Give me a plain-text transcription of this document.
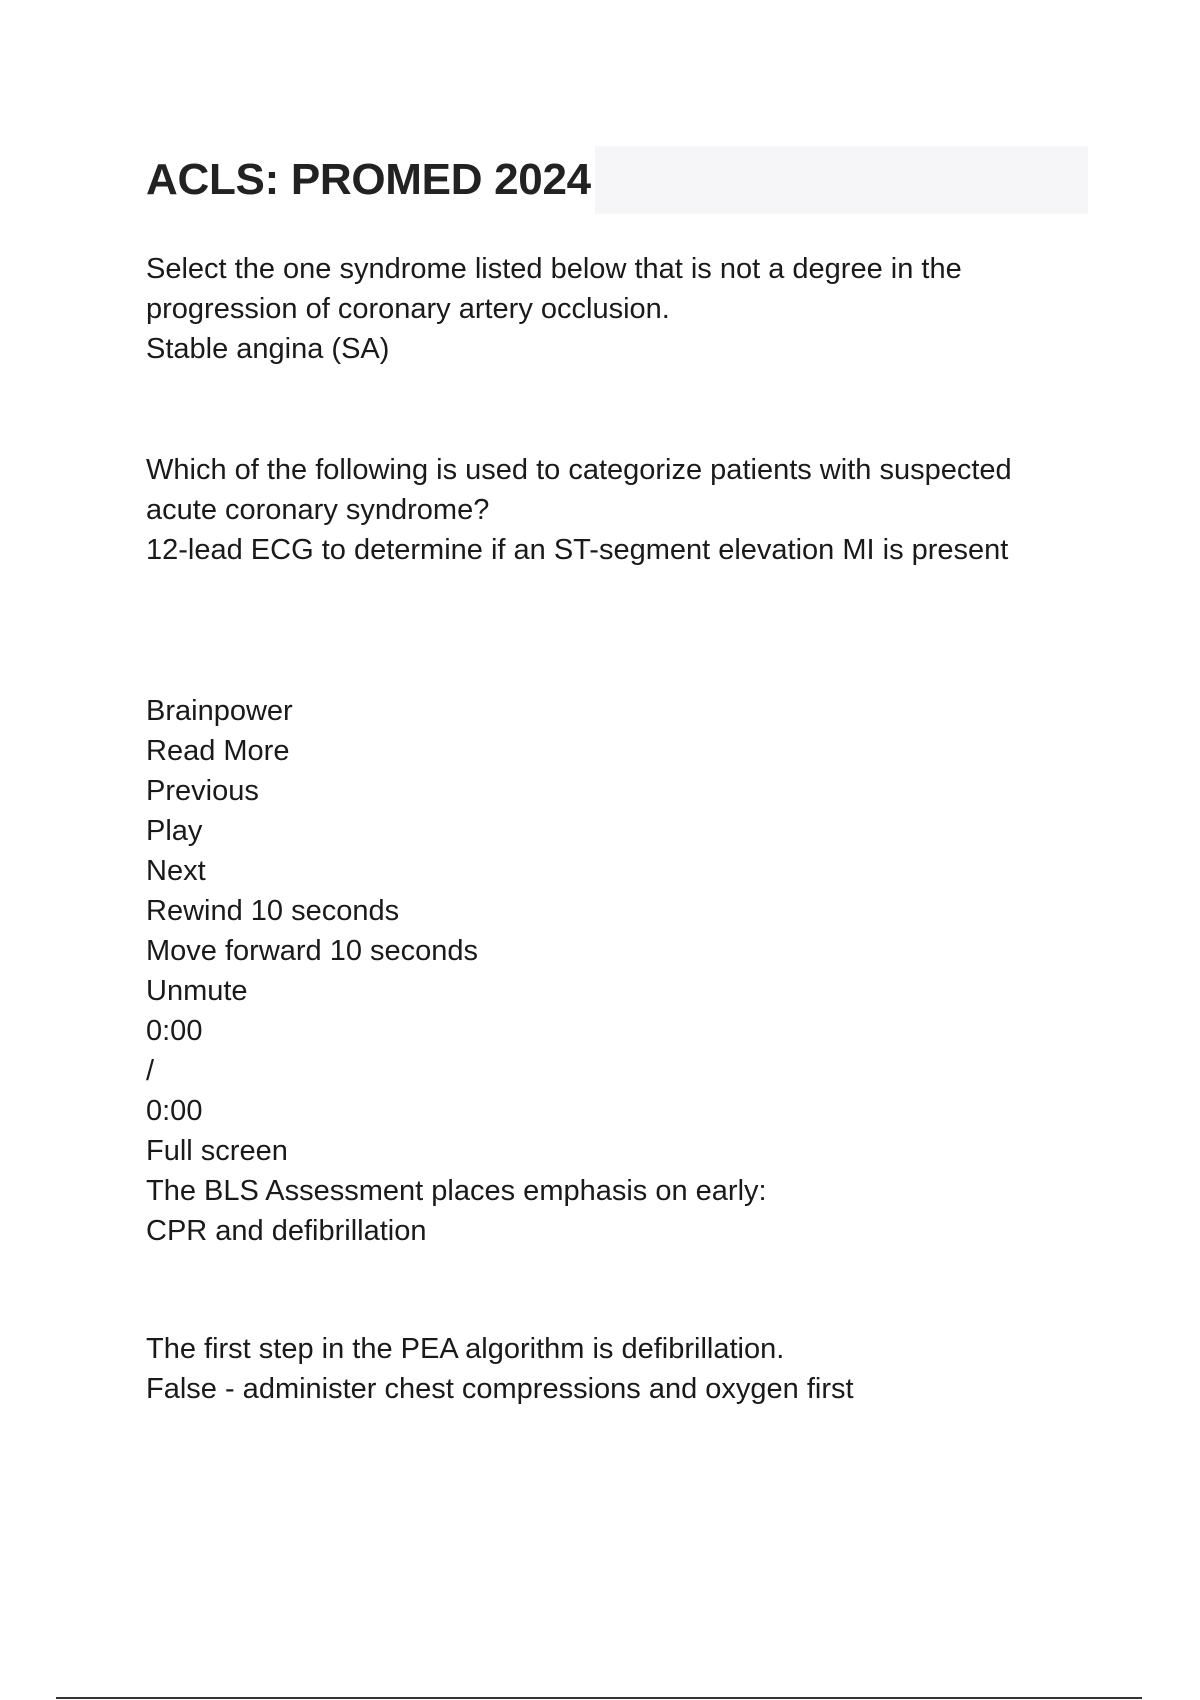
ACLS: PROMED 2024
Select the one syndrome listed below that is not a degree in the
progression of coronary artery occlusion.
Stable angina (SA)
Which of the following is used to categorize patients with suspected
acute coronary syndrome?
12-lead ECG to determine if an ST-segment elevation MI is present
Brainpower
Read More
Previous
Play
Next
Rewind 10 seconds
Move forward 10 seconds
Unmute
0:00
/
0:00
Full screen
The BLS Assessment places emphasis on early:
CPR and defibrillation
The first step in the PEA algorithm is defibrillation.
False - administer chest compressions and oxygen first
